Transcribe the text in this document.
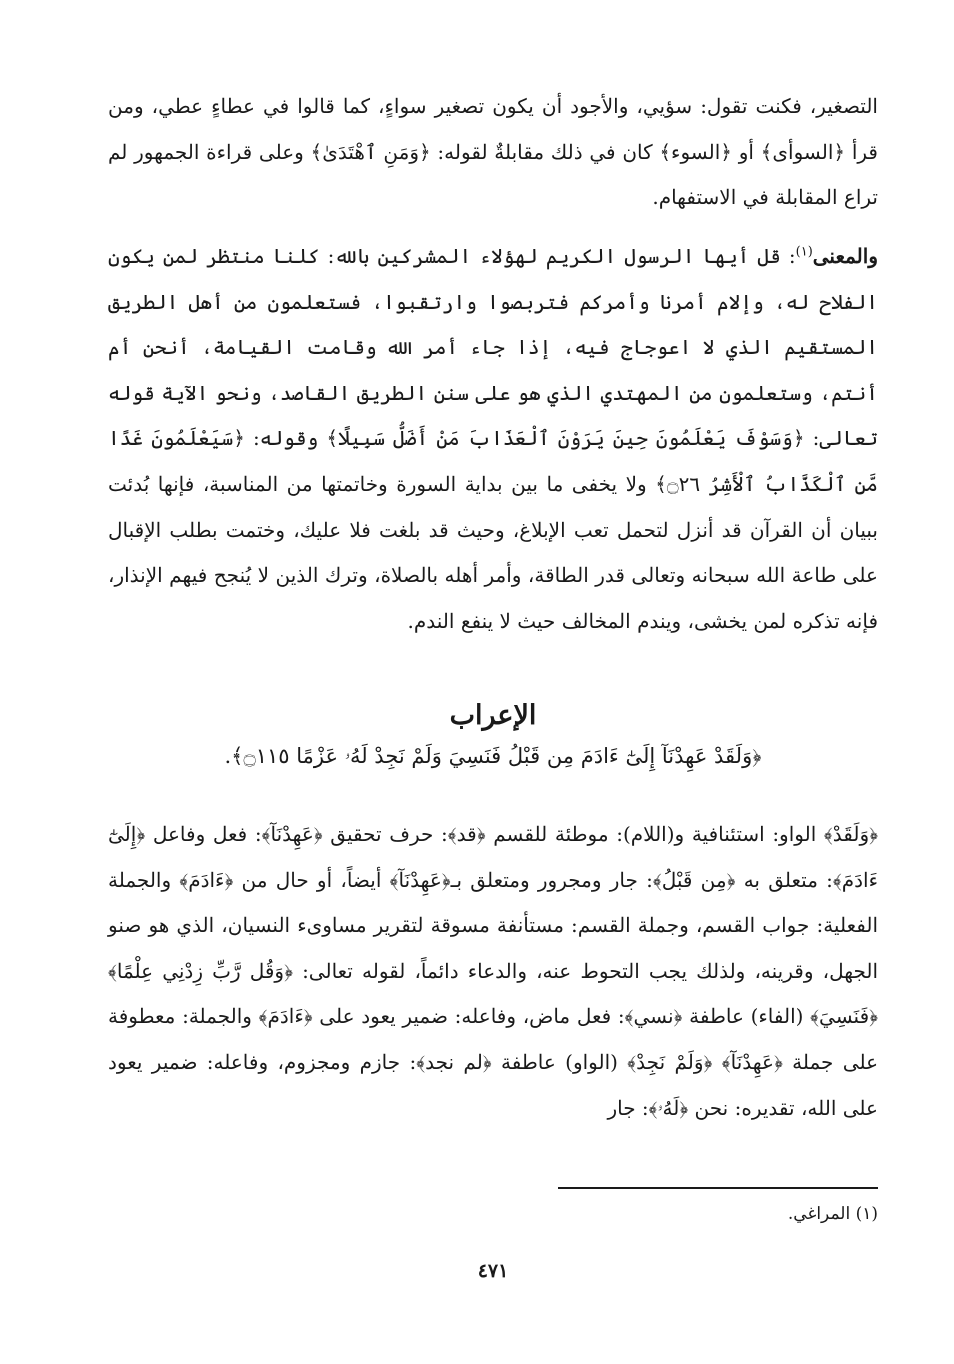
التصغير، فكنت تقول: سؤيي، والأجود أن يكون تصغير سواءٍ، كما قالوا في عطاءٍ عطي، ومن قرأ ﴿السوأى﴾ أو ﴿السوء﴾ كان في ذلك مقابلةٌ لقوله: ﴿وَمَنِ ٱهْتَدَىٰ﴾ وعلى قراءة الجمهور لم تراع المقابلة في الاستفهام.

والمعنى$^{(١)}$: قل أيها الرسول الكريم لهؤلاء المشركين بالله: كلنا منتظر لمن يكون الفلاح له، وإلام أمرنا وأمركم فتربصوا وارتقبوا، فستعلمون من أهل الطريق المستقيم الذي لا اعوجاج فيه، إذا جاء أمر الله وقامت القيامة، أنحن أم أنتم، وستعلمون من المهتدي الذي هو على سنن الطريق القاصد، ونحو الآية قوله تعالى: ﴿وَسَوْفَ يَعْلَمُونَ حِينَ يَرَوْنَ ٱلْعَذَابَ مَنْ أَضَلُّ سَبِيلًا﴾ وقوله: ﴿سَيَعْلَمُونَ غَدًا مَّنِ ٱلْكَذَّابُ ٱلْأَشِرُ ۝٢٦﴾ ولا يخفى ما بين بداية السورة وخاتمتها من المناسبة، فإنها بُدئت ببيان أن القرآن قد أنزل لتحمل تعب الإبلاغ، وحيث قد بلغت فلا عليك، وختمت بطلب الإقبال على طاعة الله سبحانه وتعالى قدر الطاقة، وأمر أهله بالصلاة، وترك الذين لا يُنجح فيهم الإنذار، فإنه تذكره لمن يخشى، ويندم المخالف حيث لا ينفع الندم.

الإعراب

﴿وَلَقَدْ عَهِدْنَآ إِلَىٰٓ ءَادَمَ مِن قَبْلُ فَنَسِيَ وَلَمْ نَجِدْ لَهُۥ عَزْمًا ۝١١٥﴾.

﴿وَلَقَدْ﴾ الواو: استئنافية و(اللام): موطئة للقسم ﴿قد﴾: حرف تحقيق ﴿عَهِدْنَآ﴾: فعل وفاعل ﴿إِلَىٰٓ ءَادَمَ﴾: متعلق به ﴿مِن قَبْلُ﴾: جار ومجرور ومتعلق بـ﴿عَهِدْنَآ﴾ أيضاً، أو حال من ﴿ءَادَمَ﴾ والجملة الفعلية: جواب القسم، وجملة القسم: مستأنفة مسوقة لتقرير مساوىء النسيان، الذي هو صنو الجهل، وقرينه، ولذلك يجب التحوط عنه، والدعاء دائماً، لقوله تعالى: ﴿وَقُل رَّبِّ زِدْنِي عِلْمًا﴾ ﴿فَنَسِيَ﴾ (الفاء) عاطفة ﴿نسي﴾: فعل ماض، وفاعله: ضمير يعود على ﴿ءَادَمَ﴾ والجملة: معطوفة على جملة ﴿عَهِدْنَآ﴾ ﴿وَلَمْ نَجِدْ﴾ (الواو) عاطفة ﴿لم نجد﴾: جازم ومجزوم، وفاعله: ضمير يعود على الله، تقديره: نحن ﴿لَهُۥ﴾: جار

(١) المراغي.

٤٧١
